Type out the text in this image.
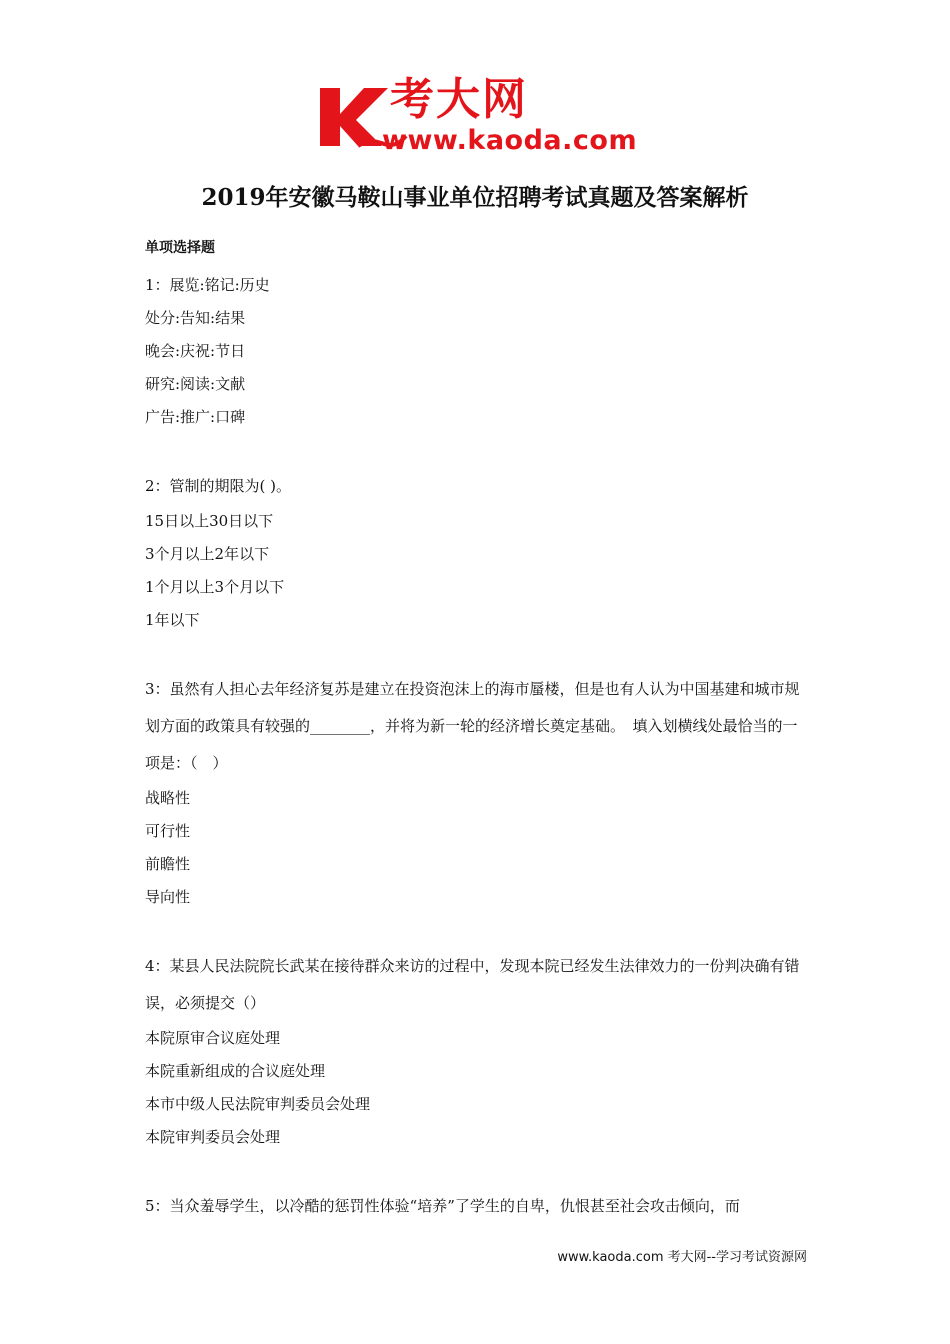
考大网
www.kaoda.com
2019年安徽马鞍山事业单位招聘考试真题及答案解析
单项选择题

1：展览:铭记:历史

处分:告知:结果

晚会:庆祝:节日

研究:阅读:文献

广告:推广:口碑

2：管制的期限为( )。

15日以上30日以下

3个月以上2年以下

1个月以上3个月以下

1年以下

3：虽然有人担心去年经济复苏是建立在投资泡沫上的海市蜃楼，但是也有人认为中国基建和城市规划方面的政策具有较强的________，并将为新一轮的经济增长奠定基础。　填入划横线处最恰当的一项是：（　）

战略性

可行性

前瞻性

导向性

4：某县人民法院院长武某在接待群众来访的过程中，发现本院已经发生法律效力的一份判决确有错误，必须提交（）

本院原审合议庭处理

本院重新组成的合议庭处理

本市中级人民法院审判委员会处理

本院审判委员会处理

5：当众羞辱学生，以冷酷的惩罚性体验“培养”了学生的自卑，仇恨甚至社会攻击倾向，而

www.kaoda.com 考大网--学习考试资源网
